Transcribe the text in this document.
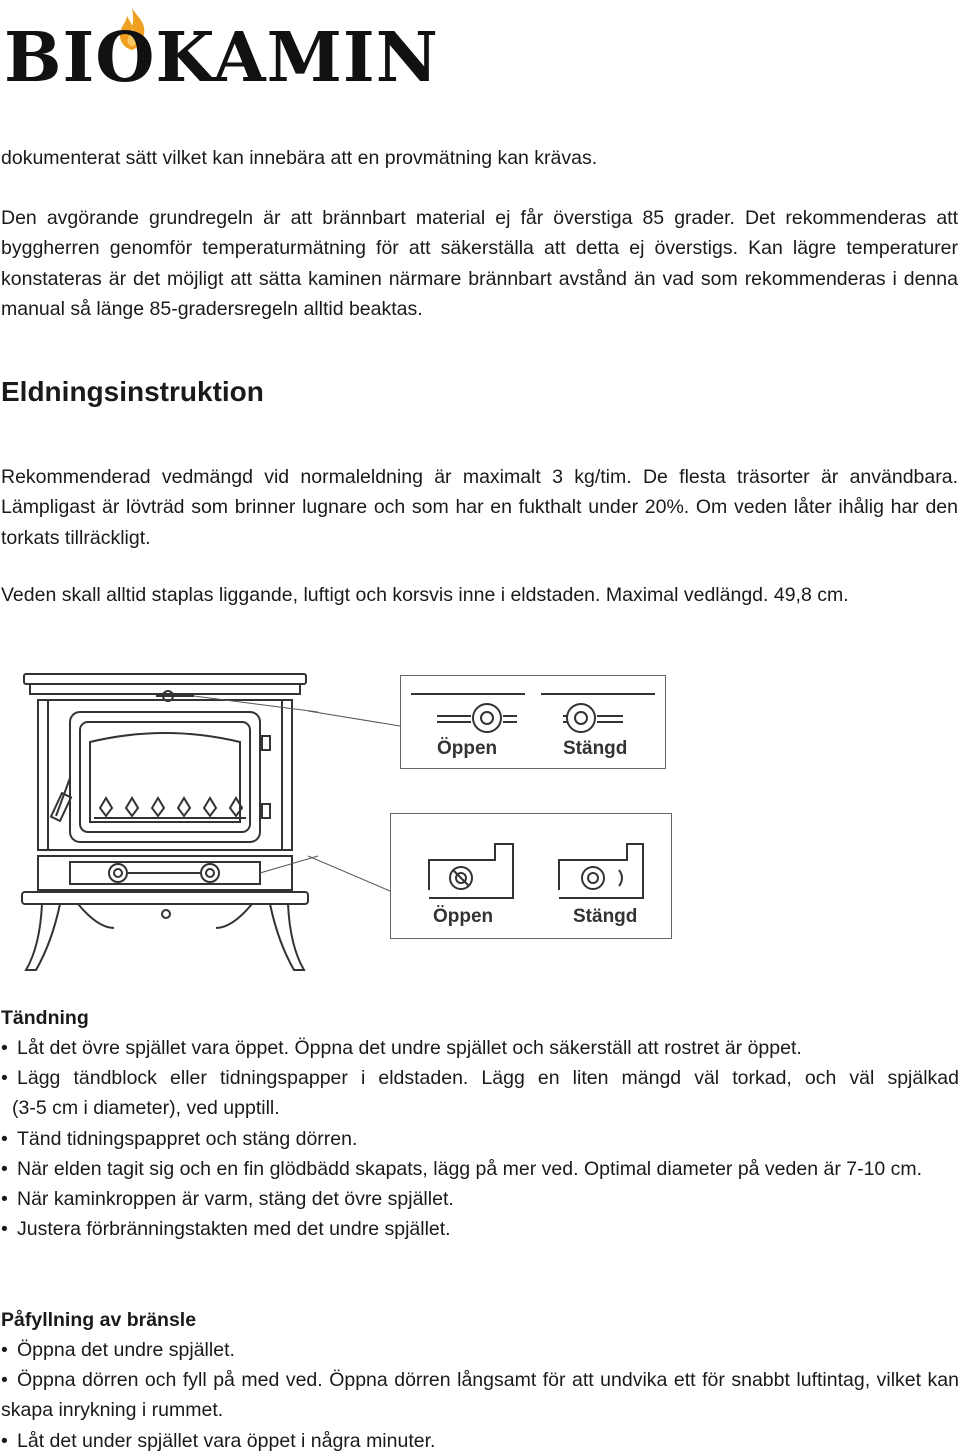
BIOKAMIN

dokumenterat sätt vilket kan innebära att en provmätning kan krävas.

Den avgörande grundregeln är att brännbart material ej får överstiga 85 grader. Det rekommenderas att byggherren genomför temperaturmätning för att säkerställa att detta ej överstigs. Kan lägre temperaturer konstateras är det möjligt att sätta kaminen närmare brännbart avstånd än vad som rekommenderas i denna manual så länge 85-gradersregeln alltid beaktas.

Eldningsinstruktion

Rekommenderad vedmängd vid normaleldning är maximalt 3 kg/tim. De flesta träsorter är användbara. Lämpligast är lövträd som brinner lugnare och som har en fukthalt under 20%. Om veden låter ihålig har den torkats tillräckligt.

Veden skall alltid staplas liggande, luftigt och korsvis inne i eldstaden. Maximal vedlängd. 49,8 cm.

Öppen	Stängd
Öppen	Stängd
Tändning
• Låt det övre spjället vara öppet. Öppna det undre spjället och säkerställ att rostret är öppet.
• Lägg tändblock eller tidningspapper i eldstaden. Lägg en liten mängd väl torkad, och väl spjälkad
(3-5 cm i diameter), ved upptill.
• Tänd tidningspappret och stäng dörren.
• När elden tagit sig och en fin glödbädd skapats, lägg på mer ved. Optimal diameter på veden är 7-10 cm.
• När kaminkroppen är varm, stäng det övre spjället.
• Justera förbränningstakten med det undre spjället.
Påfyllning av bränsle
• Öppna det undre spjället.
• Öppna dörren och fyll på med ved. Öppna dörren långsamt för att undvika ett för snabbt luftintag, vilket kan skapa inrykning i rummet.
• Låt det under spjället vara öppet i några minuter.
